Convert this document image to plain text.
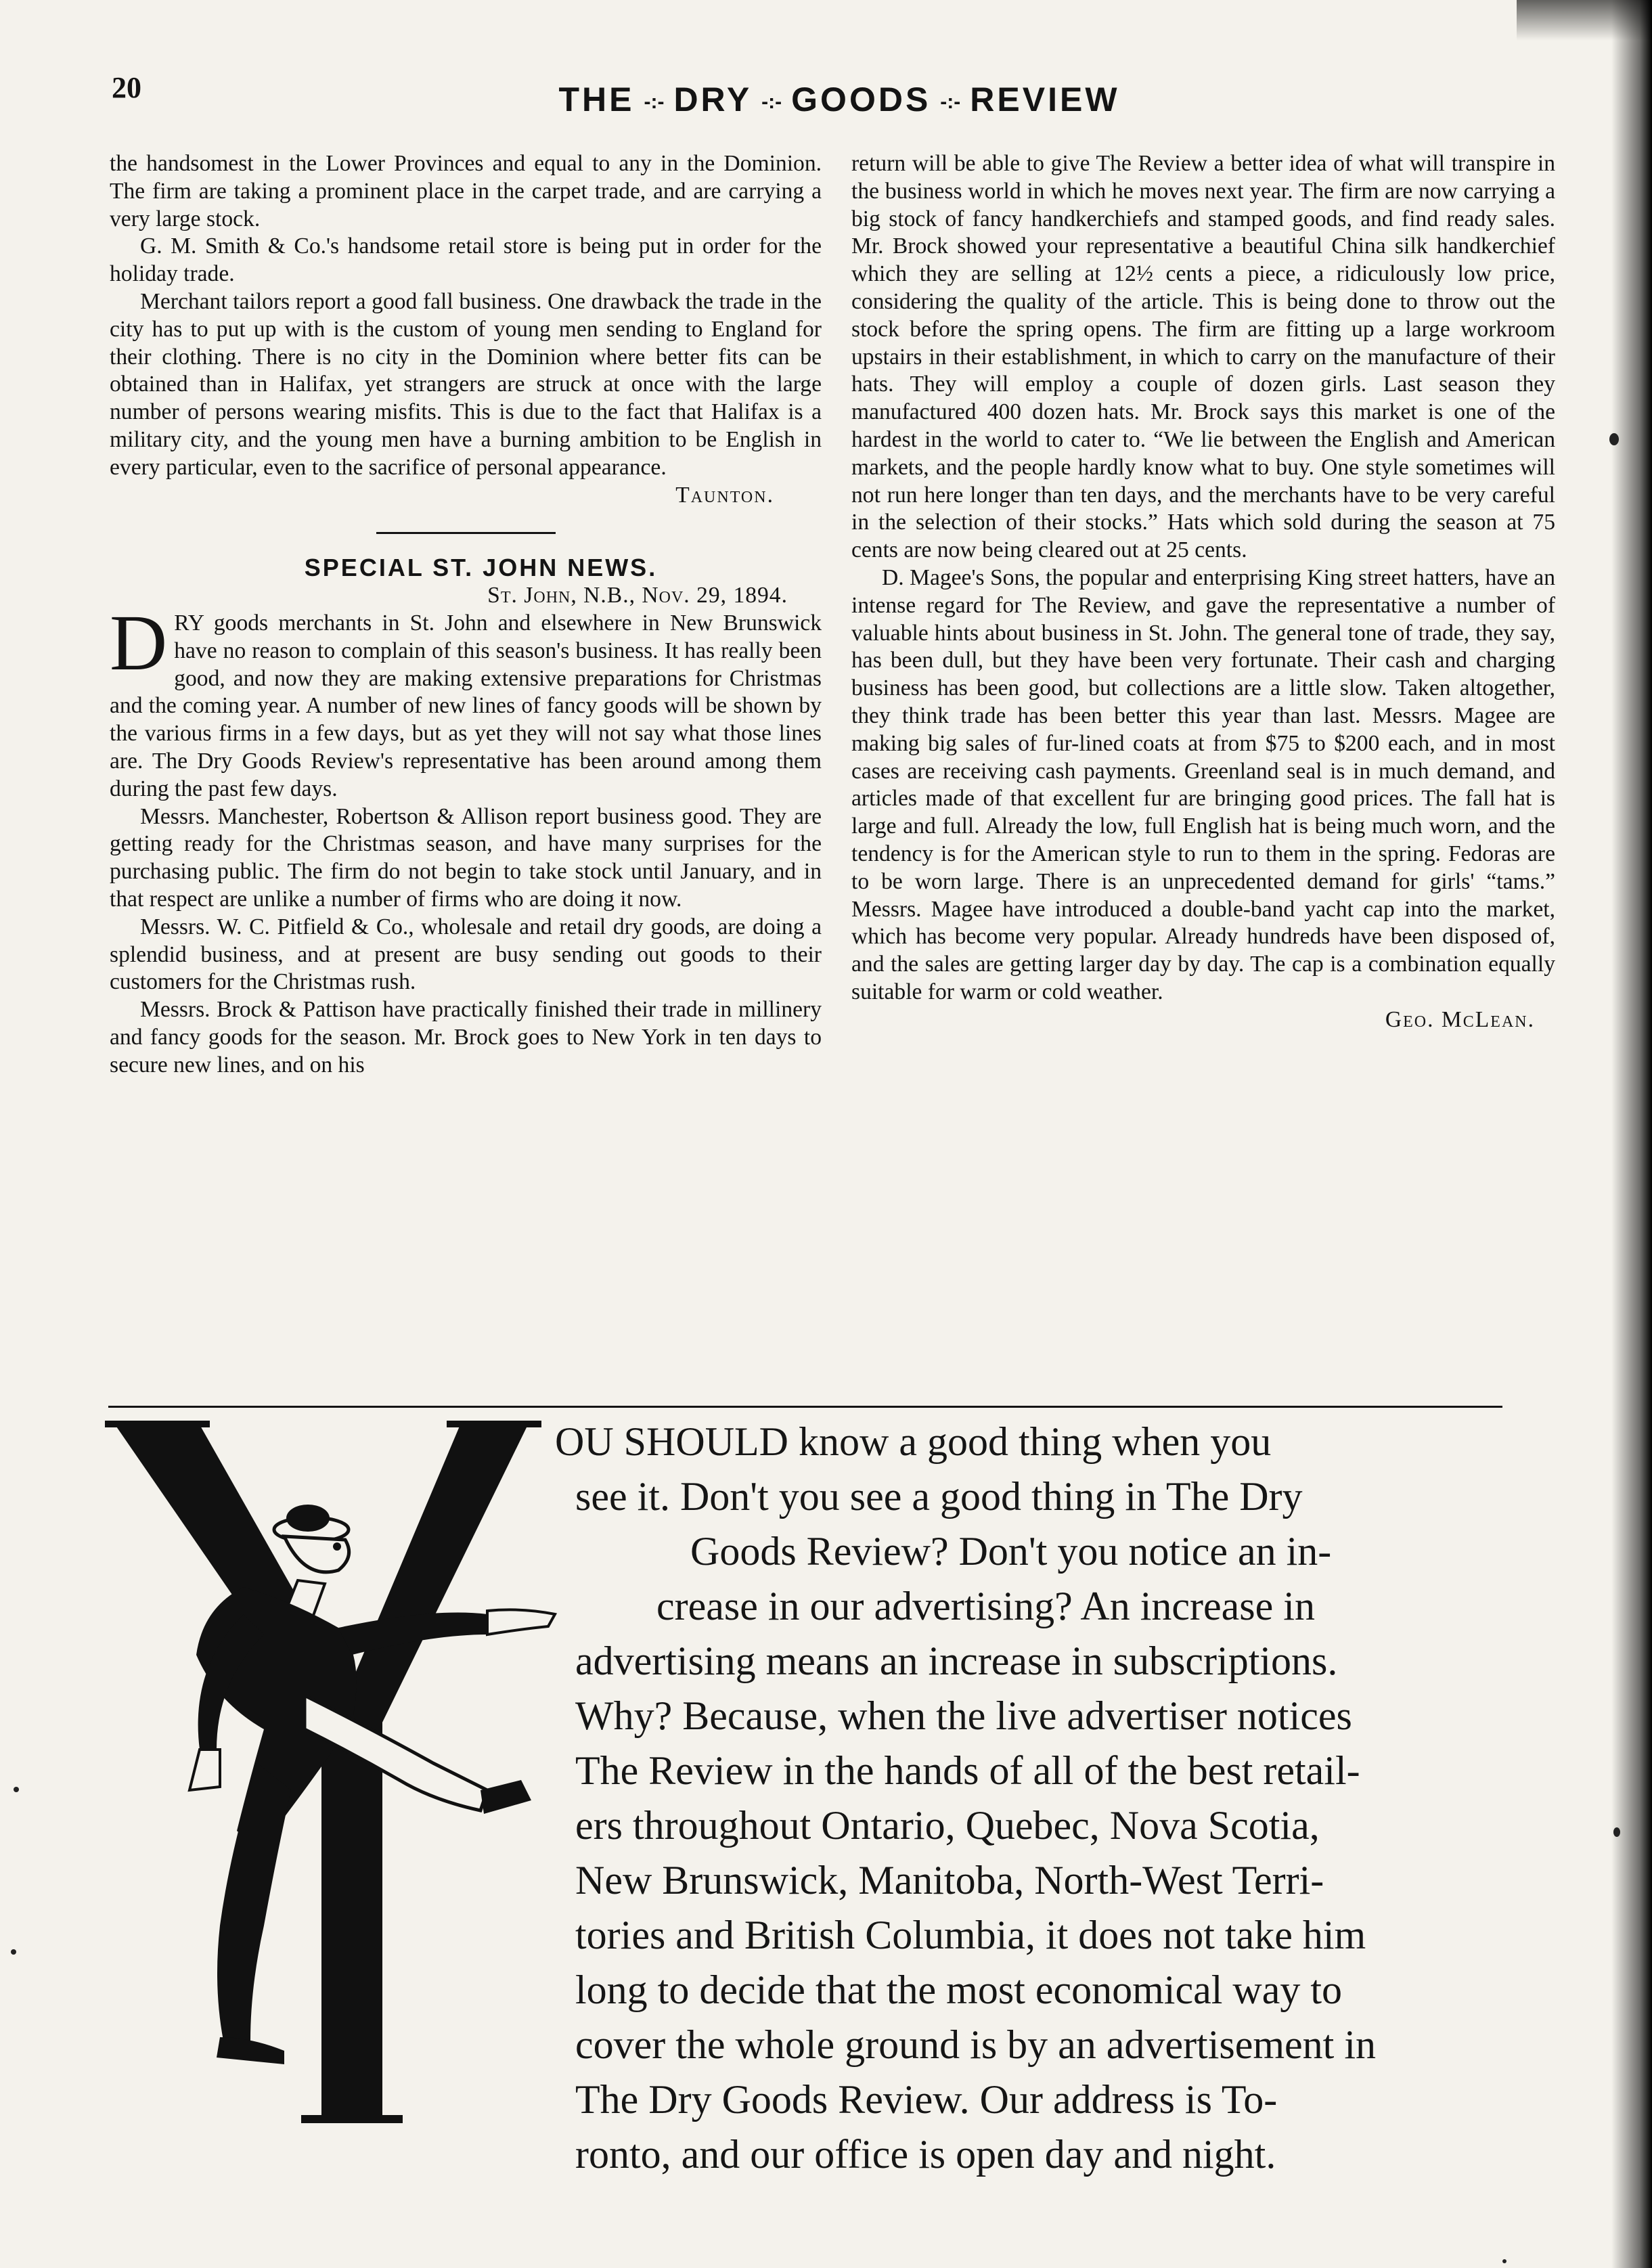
20	THE -:- DRY -:- GOODS -:- REVIEW

the handsomest in the Lower Provinces and equal to any in the Dominion. The firm are taking a prominent place in the carpet trade, and are carrying a very large stock.

G. M. Smith & Co.'s handsome retail store is being put in order for the holiday trade.

Merchant tailors report a good fall business. One drawback the trade in the city has to put up with is the custom of young men sending to England for their clothing. There is no city in the Dominion where better fits can be obtained than in Halifax, yet strangers are struck at once with the large number of persons wearing misfits. This is due to the fact that Halifax is a military city, and the young men have a burning ambition to be English in every particular, even to the sacrifice of personal appearance.

Taunton.

SPECIAL ST. JOHN NEWS.

St. John, N.B., Nov. 29, 1894.

DRY goods merchants in St. John and elsewhere in New Brunswick have no reason to complain of this season's business. It has really been good, and now they are making extensive preparations for Christmas and the coming year. A number of new lines of fancy goods will be shown by the various firms in a few days, but as yet they will not say what those lines are. The Dry Goods Review's representative has been around among them during the past few days.

Messrs. Manchester, Robertson & Allison report business good. They are getting ready for the Christmas season, and have many surprises for the purchasing public. The firm do not begin to take stock until January, and in that respect are unlike a number of firms who are doing it now.

Messrs. W. C. Pitfield & Co., wholesale and retail dry goods, are doing a splendid business, and at present are busy sending out goods to their customers for the Christmas rush.

Messrs. Brock & Pattison have practically finished their trade in millinery and fancy goods for the season. Mr. Brock goes to New York in ten days to secure new lines, and on his

return will be able to give The Review a better idea of what will transpire in the business world in which he moves next year. The firm are now carrying a big stock of fancy handkerchiefs and stamped goods, and find ready sales. Mr. Brock showed your representative a beautiful China silk handkerchief which they are selling at 12½ cents a piece, a ridiculously low price, considering the quality of the article. This is being done to throw out the stock before the spring opens. The firm are fitting up a large workroom upstairs in their establishment, in which to carry on the manufacture of their hats. They will employ a couple of dozen girls. Last season they manufactured 400 dozen hats. Mr. Brock says this market is one of the hardest in the world to cater to. “We lie between the English and American markets, and the people hardly know what to buy. One style sometimes will not run here longer than ten days, and the merchants have to be very careful in the selection of their stocks.” Hats which sold during the season at 75 cents are now being cleared out at 25 cents.

D. Magee's Sons, the popular and enterprising King street hatters, have an intense regard for The Review, and gave the representative a number of valuable hints about business in St. John. The general tone of trade, they say, has been dull, but they have been very fortunate. Their cash and charging business has been good, but collections are a little slow. Taken altogether, they think trade has been better this year than last. Messrs. Magee are making big sales of fur-lined coats at from $75 to $200 each, and in most cases are receiving cash payments. Greenland seal is in much demand, and articles made of that excellent fur are bringing good prices. The fall hat is large and full. Already the low, full English hat is being much worn, and the tendency is for the American style to run to them in the spring. Fedoras are to be worn large. There is an unprecedented demand for girls' “tams.” Messrs. Magee have introduced a double-band yacht cap into the market, which has become very popular. Already hundreds have been disposed of, and the sales are getting larger day by day. The cap is a combination equally suitable for warm or cold weather.

Geo. McLean.

Y
OU SHOULD know a good thing when you
see it. Don't you see a good thing in The Dry
Goods Review? Don't you notice an in-
crease in our advertising? An increase in
advertising means an increase in subscriptions.
Why? Because, when the live advertiser notices
The Review in the hands of all of the best retail-
ers throughout Ontario, Quebec, Nova Scotia,
New Brunswick, Manitoba, North-West Terri-
tories and British Columbia, it does not take him
long to decide that the most economical way to
cover the whole ground is by an advertisement in
The Dry Goods Review. Our address is To-
ronto, and our office is open day and night.
